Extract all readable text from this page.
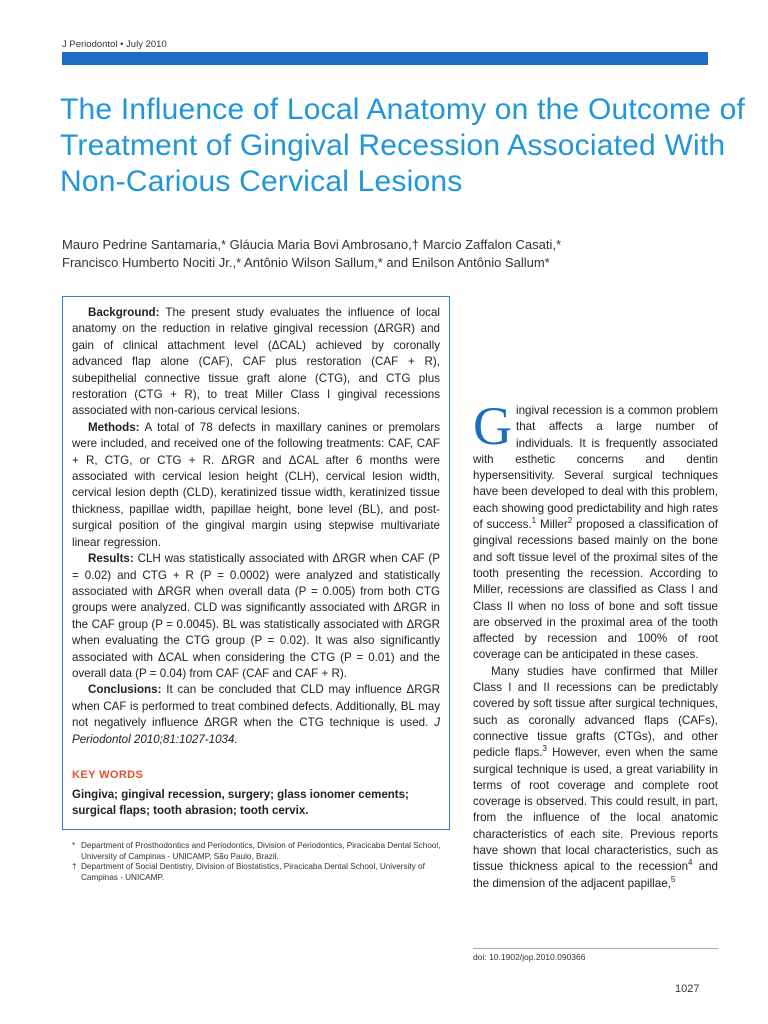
J Periodontol • July 2010
The Influence of Local Anatomy on the Outcome of Treatment of Gingival Recession Associated With Non-Carious Cervical Lesions
Mauro Pedrine Santamaria,* Gláucia Maria Bovi Ambrosano,† Marcio Zaffalon Casati,*
Francisco Humberto Nociti Jr.,* Antônio Wilson Sallum,* and Enilson Antônio Sallum*

Background: The present study evaluates the influence of local anatomy on the reduction in relative gingival recession (ΔRGR) and gain of clinical attachment level (ΔCAL) achieved by coronally advanced flap alone (CAF), CAF plus restoration (CAF + R), subepithelial connective tissue graft alone (CTG), and CTG plus restoration (CTG + R), to treat Miller Class I gingival recessions associated with non-carious cervical lesions.

Methods: A total of 78 defects in maxillary canines or premolars were included, and received one of the following treatments: CAF, CAF + R, CTG, or CTG + R. ΔRGR and ΔCAL after 6 months were associated with cervical lesion height (CLH), cervical lesion width, cervical lesion depth (CLD), keratinized tissue width, keratinized tissue thickness, papillae width, papillae height, bone level (BL), and post-surgical position of the gingival margin using stepwise multivariate linear regression.

Results: CLH was statistically associated with ΔRGR when CAF (P = 0.02) and CTG + R (P = 0.0002) were analyzed and statistically associated with ΔRGR when overall data (P = 0.005) from both CTG groups were analyzed. CLD was significantly associated with ΔRGR in the CAF group (P = 0.0045). BL was statistically associated with ΔRGR when evaluating the CTG group (P = 0.02). It was also significantly associated with ΔCAL when considering the CTG (P = 0.01) and the overall data (P = 0.04) from CAF (CAF and CAF + R).

Conclusions: It can be concluded that CLD may influence ΔRGR when CAF is performed to treat combined defects. Additionally, BL may not negatively influence ΔRGR when the CTG technique is used. J Periodontol 2010;81:1027-1034.

KEY WORDS
Gingiva; gingival recession, surgery; glass ionomer cements; surgical flaps; tooth abrasion; tooth cervix.
* Department of Prosthodontics and Periodontics, Division of Periodontics, Piracicaba Dental School, University of Campinas - UNICAMP, São Paulo, Brazil.
† Department of Social Dentistry, Division of Biostatistics, Piracicaba Dental School, University of Campinas - UNICAMP.

Gingival recession is a common problem that affects a large number of individuals. It is frequently associated with esthetic concerns and dentin hypersensitivity. Several surgical techniques have been developed to deal with this problem, each showing good predictability and high rates of success.$^1$ Miller$^2$ proposed a classification of gingival recessions based mainly on the bone and soft tissue level of the proximal sites of the tooth presenting the recession. According to Miller, recessions are classified as Class I and Class II when no loss of bone and soft tissue are observed in the proximal area of the tooth affected by recession and 100% of root coverage can be anticipated in these cases.

Many studies have confirmed that Miller Class I and II recessions can be predictably covered by soft tissue after surgical techniques, such as coronally advanced flaps (CAFs), connective tissue grafts (CTGs), and other pedicle flaps.$^3$ However, even when the same surgical technique is used, a great variability in terms of root coverage and complete root coverage is observed. This could result, in part, from the influence of the local anatomic characteristics of each site. Previous reports have shown that local characteristics, such as tissue thickness apical to the recession$^4$ and the dimension of the adjacent papillae,$^5$

doi: 10.1902/jop.2010.090366
1027
